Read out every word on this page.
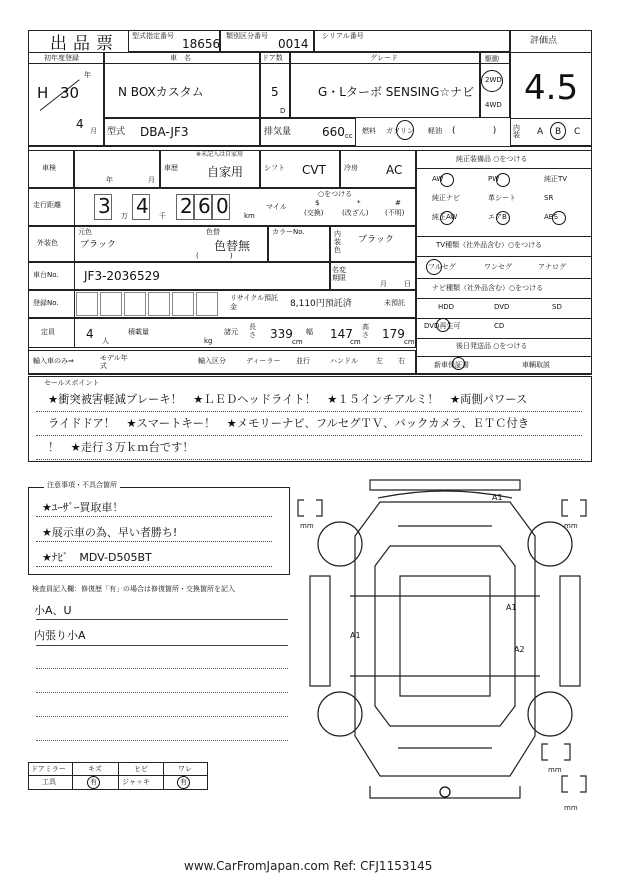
出品票 型式指定番号
18656
類別区分番号
0014
シリアル番号	評価点
4.5
内装	A B C
初年度登録
H 30
年
4 月
車　名
N BOXカスタム
ドア数
5
D
グレード
G・Lターボ SENSING☆ナビ
駆動
2WD
4WD
型式 DBA-JF3	排気量	660 cc
燃料 ガソリン 軽油 (             )
車検
年	月
車歴
※未記入は自家用
自家用	シフト CVT	冷房 AC
走行距離 3 4 2 6 0
万	千	km
マイル
○をつける
$
(交換)
*
(改ざん)
#
(不明)
外装色
元色
ブラック
色替
色替無
(              )
カラーNo.	内装色
ブラック
車台No. JF3-2036529	名変期限
月 日
登録No.
リサイクル預託金	8,110円預託済	未預託
定員	4 人
積載量
kg
諸元
長さ 339
cm
幅 147
cm
高さ 179
cm
輸入車のみ⇒	モデル年式
輸入区分	ディーラー 並行	ハンドル	左 右
純正装備品 ○をつける
AW	PW	純正TV
純正ナビ	革シート	SR
純正AW	エアB	ABS
フルセグ	ワンセグ	アナログ
HDD	DVD	SD
DVD再生可	CD
新車保証書	車輌取説
TV種類（社外品含む）○をつける
ナビ種類（社外品含む）○をつける
後日発送品 ○をつける
セールスポイント
★衝突被害軽減ブレーキ！　★ＬＥＤヘッドライト！　★１５インチアルミ！　★両側パワース
ライドドア！　★スマートキー！　★メモリーナビ、フルセグＴＶ、バックカメラ、ＥＴＣ付き
！　★走行３万ｋｍ台です！
注意事項・不具合箇所
★ﾕｰｻﾞｰ買取車！
★展示車の為、早い者勝ち!
★ﾅﾋﾞ　MDV-D505BT
検査員記入欄：修復歴「有」の場合は修復箇所・交換箇所を記入
小A、U
内張り小A
ドアミラー	キズ	ヒビ	ワレ
工具	有	ジャッキ	有
mm	mm
mm
mm
A1
A1
A1
A2
www.CarFromJapan.com Ref: CFJ1153145
